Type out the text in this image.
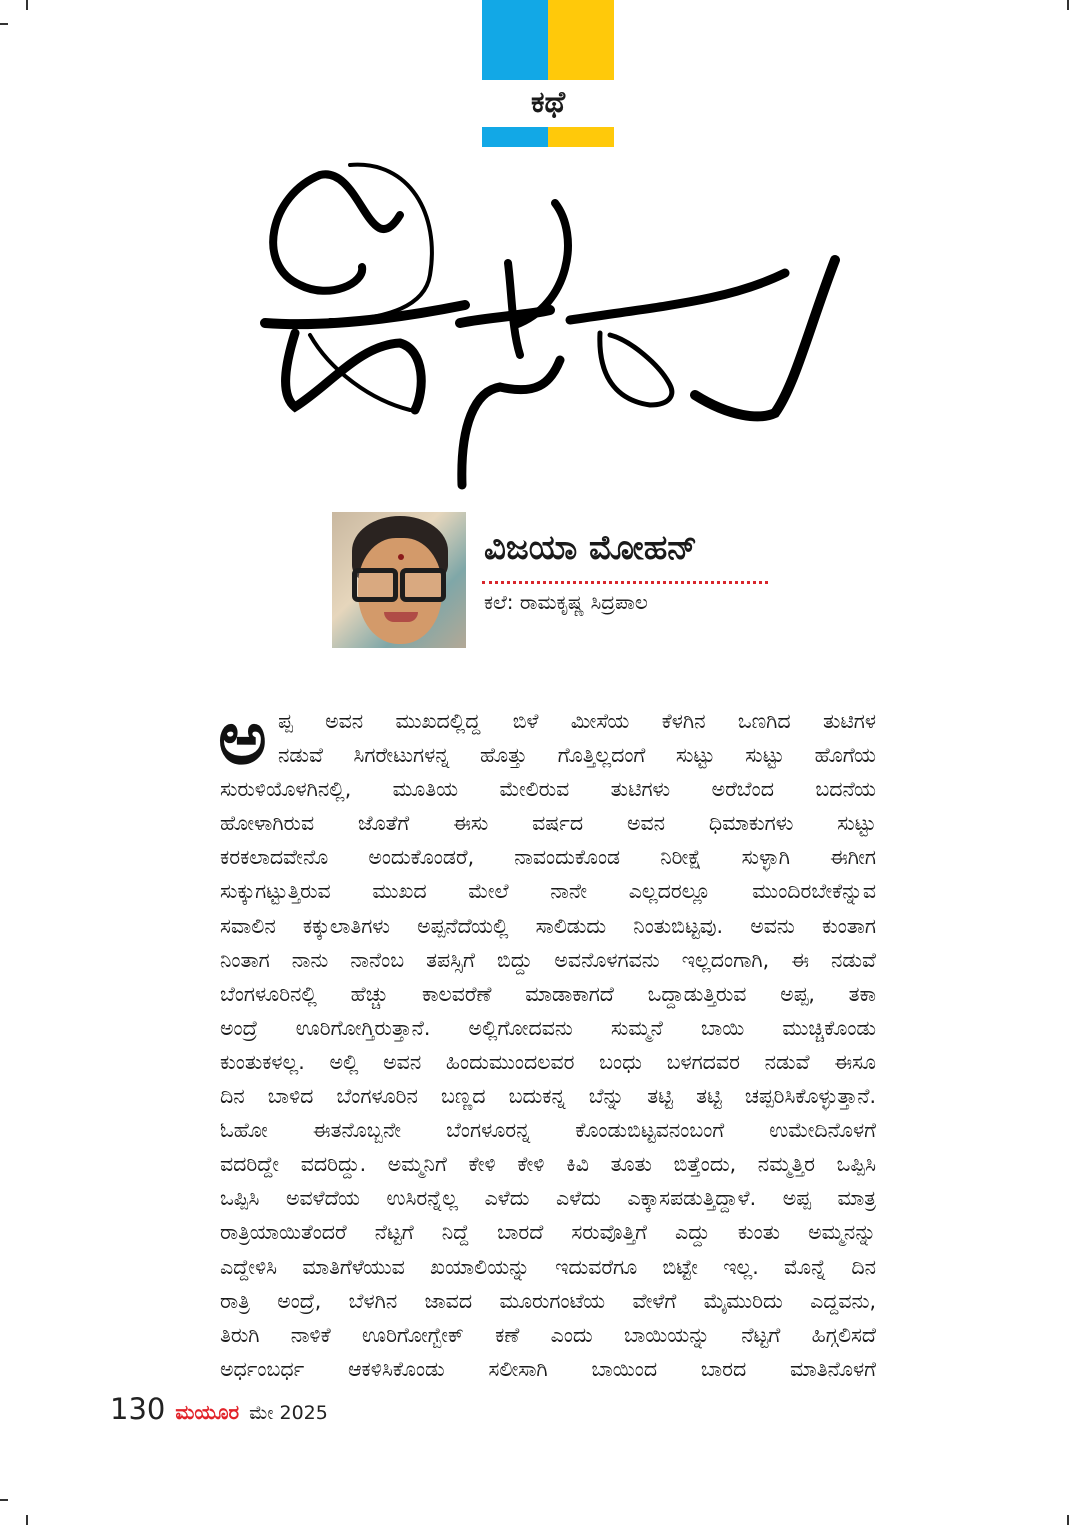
ಕಥೆ
ವಿಜಯಾ ಮೋಹನ್
ಕಲೆ: ರಾಮಕೃಷ್ಣ ಸಿದ್ರಪಾಲ
ಅ ಪ್ಪ ಅವನ ಮುಖದಲ್ಲಿದ್ದ ಬಿಳೆ ಮೀಸೆಯ ಕೆಳಗಿನ ಒಣಗಿದ ತುಟಿಗಳ
ನಡುವೆ ಸಿಗರೇಟುಗಳನ್ನ ಹೊತ್ತು ಗೊತ್ತಿಲ್ಲದಂಗೆ ಸುಟ್ಟು ಸುಟ್ಟು ಹೊಗೆಯ
ಸುರುಳಿಯೊಳಗಿನಲ್ಲಿ, ಮೂತಿಯ ಮೇಲಿರುವ ತುಟಿಗಳು ಅರೆಬೆಂದ ಬದನೆಯ
ಹೋಳಾಗಿರುವ ಜೊತೆಗೆ ಈಸು ವರ್ಷದ ಅವನ ಧಿಮಾಕುಗಳು ಸುಟ್ಟು
ಕರಕಲಾದವೇನೊ ಅಂದುಕೊಂಡರೆ, ನಾವಂದುಕೊಂಡ ನಿರೀಕ್ಷೆ ಸುಳ್ಳಾಗಿ ಈಗೀಗ
ಸುಕ್ಕುಗಟ್ಟುತ್ತಿರುವ ಮುಖದ ಮೇಲೆ ನಾನೇ ಎಲ್ಲದರಲ್ಲೂ ಮುಂದಿರಬೇಕೆನ್ನುವ
ಸವಾಲಿನ ಕಕ್ಕುಲಾತಿಗಳು ಅಪ್ಪನೆದೆಯಲ್ಲಿ ಸಾಲಿಡುದು ನಿಂತುಬಿಟ್ಟವು. ಅವನು ಕುಂತಾಗ
ನಿಂತಾಗ ನಾನು ನಾನೆಂಬ ತಪಸ್ಸಿಗೆ ಬಿದ್ದು ಅವನೊಳಗವನು ಇಲ್ಲದಂಗಾಗಿ, ಈ ನಡುವೆ
ಬೆಂಗಳೂರಿನಲ್ಲಿ ಹೆಚ್ಚು ಕಾಲವರೆಣೆ ಮಾಡಾಕಾಗದೆ ಒದ್ದಾಡುತ್ತಿರುವ ಅಪ್ಪ, ತಕಾ
ಅಂದ್ರೆ ಊರಿಗೋಗ್ತಿರುತ್ತಾನೆ. ಅಲ್ಲಿಗೋದವನು ಸುಮ್ಮನೆ ಬಾಯಿ ಮುಚ್ಚಿಕೊಂಡು
ಕುಂತುಕಳಲ್ಲ. ಅಲ್ಲಿ ಅವನ ಹಿಂದುಮುಂದಲವರ ಬಂಧು ಬಳಗದವರ ನಡುವೆ ಈಸೂ
ದಿನ ಬಾಳಿದ ಬೆಂಗಳೂರಿನ ಬಣ್ಣದ ಬದುಕನ್ನ ಬೆನ್ನು ತಟ್ಟಿ ತಟ್ಟಿ ಚಪ್ಪರಿಸಿಕೊಳ್ಳುತ್ತಾನೆ.
ಓಹೋ ಈತನೊಬ್ಬನೇ ಬೆಂಗಳೂರನ್ನ ಕೊಂಡುಬಿಟ್ಟವನಂಬಂಗೆ ಉಮೇದಿನೊಳಗೆ
ವದರಿದ್ದೇ ವದರಿದ್ದು. ಅಮ್ಮನಿಗೆ ಕೇಳಿ ಕೇಳಿ ಕಿವಿ ತೂತು ಬಿತ್ತೆಂದು, ನಮ್ಮತ್ತಿರ ಒಪ್ಪಿಸಿ
ಒಪ್ಪಿಸಿ ಅವಳೆದೆಯ ಉಸಿರನ್ನೆಲ್ಲ ಎಳೆದು ಎಳೆದು ಎಕ್ಕಾಸಪಡುತ್ತಿದ್ದಾಳೆ. ಅಪ್ಪ ಮಾತ್ರ
ರಾತ್ರಿಯಾಯಿತೆಂದರೆ ನೆಟ್ಟಗೆ ನಿದ್ದೆ ಬಾರದೆ ಸರುವೊತ್ತಿಗೆ ಎದ್ದು ಕುಂತು ಅಮ್ಮನನ್ನು
ಎದ್ದೇಳಿಸಿ ಮಾತಿಗೆಳೆಯುವ ಖಯಾಲಿಯನ್ನು ಇದುವರೆಗೂ ಬಿಟ್ಟೇ ಇಲ್ಲ. ಮೊನ್ನೆ ದಿನ
ರಾತ್ರಿ ಅಂದ್ರೆ, ಬೆಳಗಿನ ಜಾವದ ಮೂರುಗಂಟೆಯ ವೇಳೆಗೆ ಮೈಮುರಿದು ಎದ್ದವನು,
ತಿರುಗಿ ನಾಳಿಕೆ ಊರಿಗೋಗ್ಬೇಕ್ ಕಣೆ ಎಂದು ಬಾಯಿಯನ್ನು ನೆಟ್ಟಗೆ ಹಿಗ್ಗಲಿಸದೆ
ಅರ್ಧಂಬರ್ಧ ಆಕಳಿಸಿಕೊಂಡು ಸಲೀಸಾಗಿ ಬಾಯಿಂದ ಬಾರದ ಮಾತಿನೊಳಗೆ
130 ಮಯೂರ ಮೇ 2025
